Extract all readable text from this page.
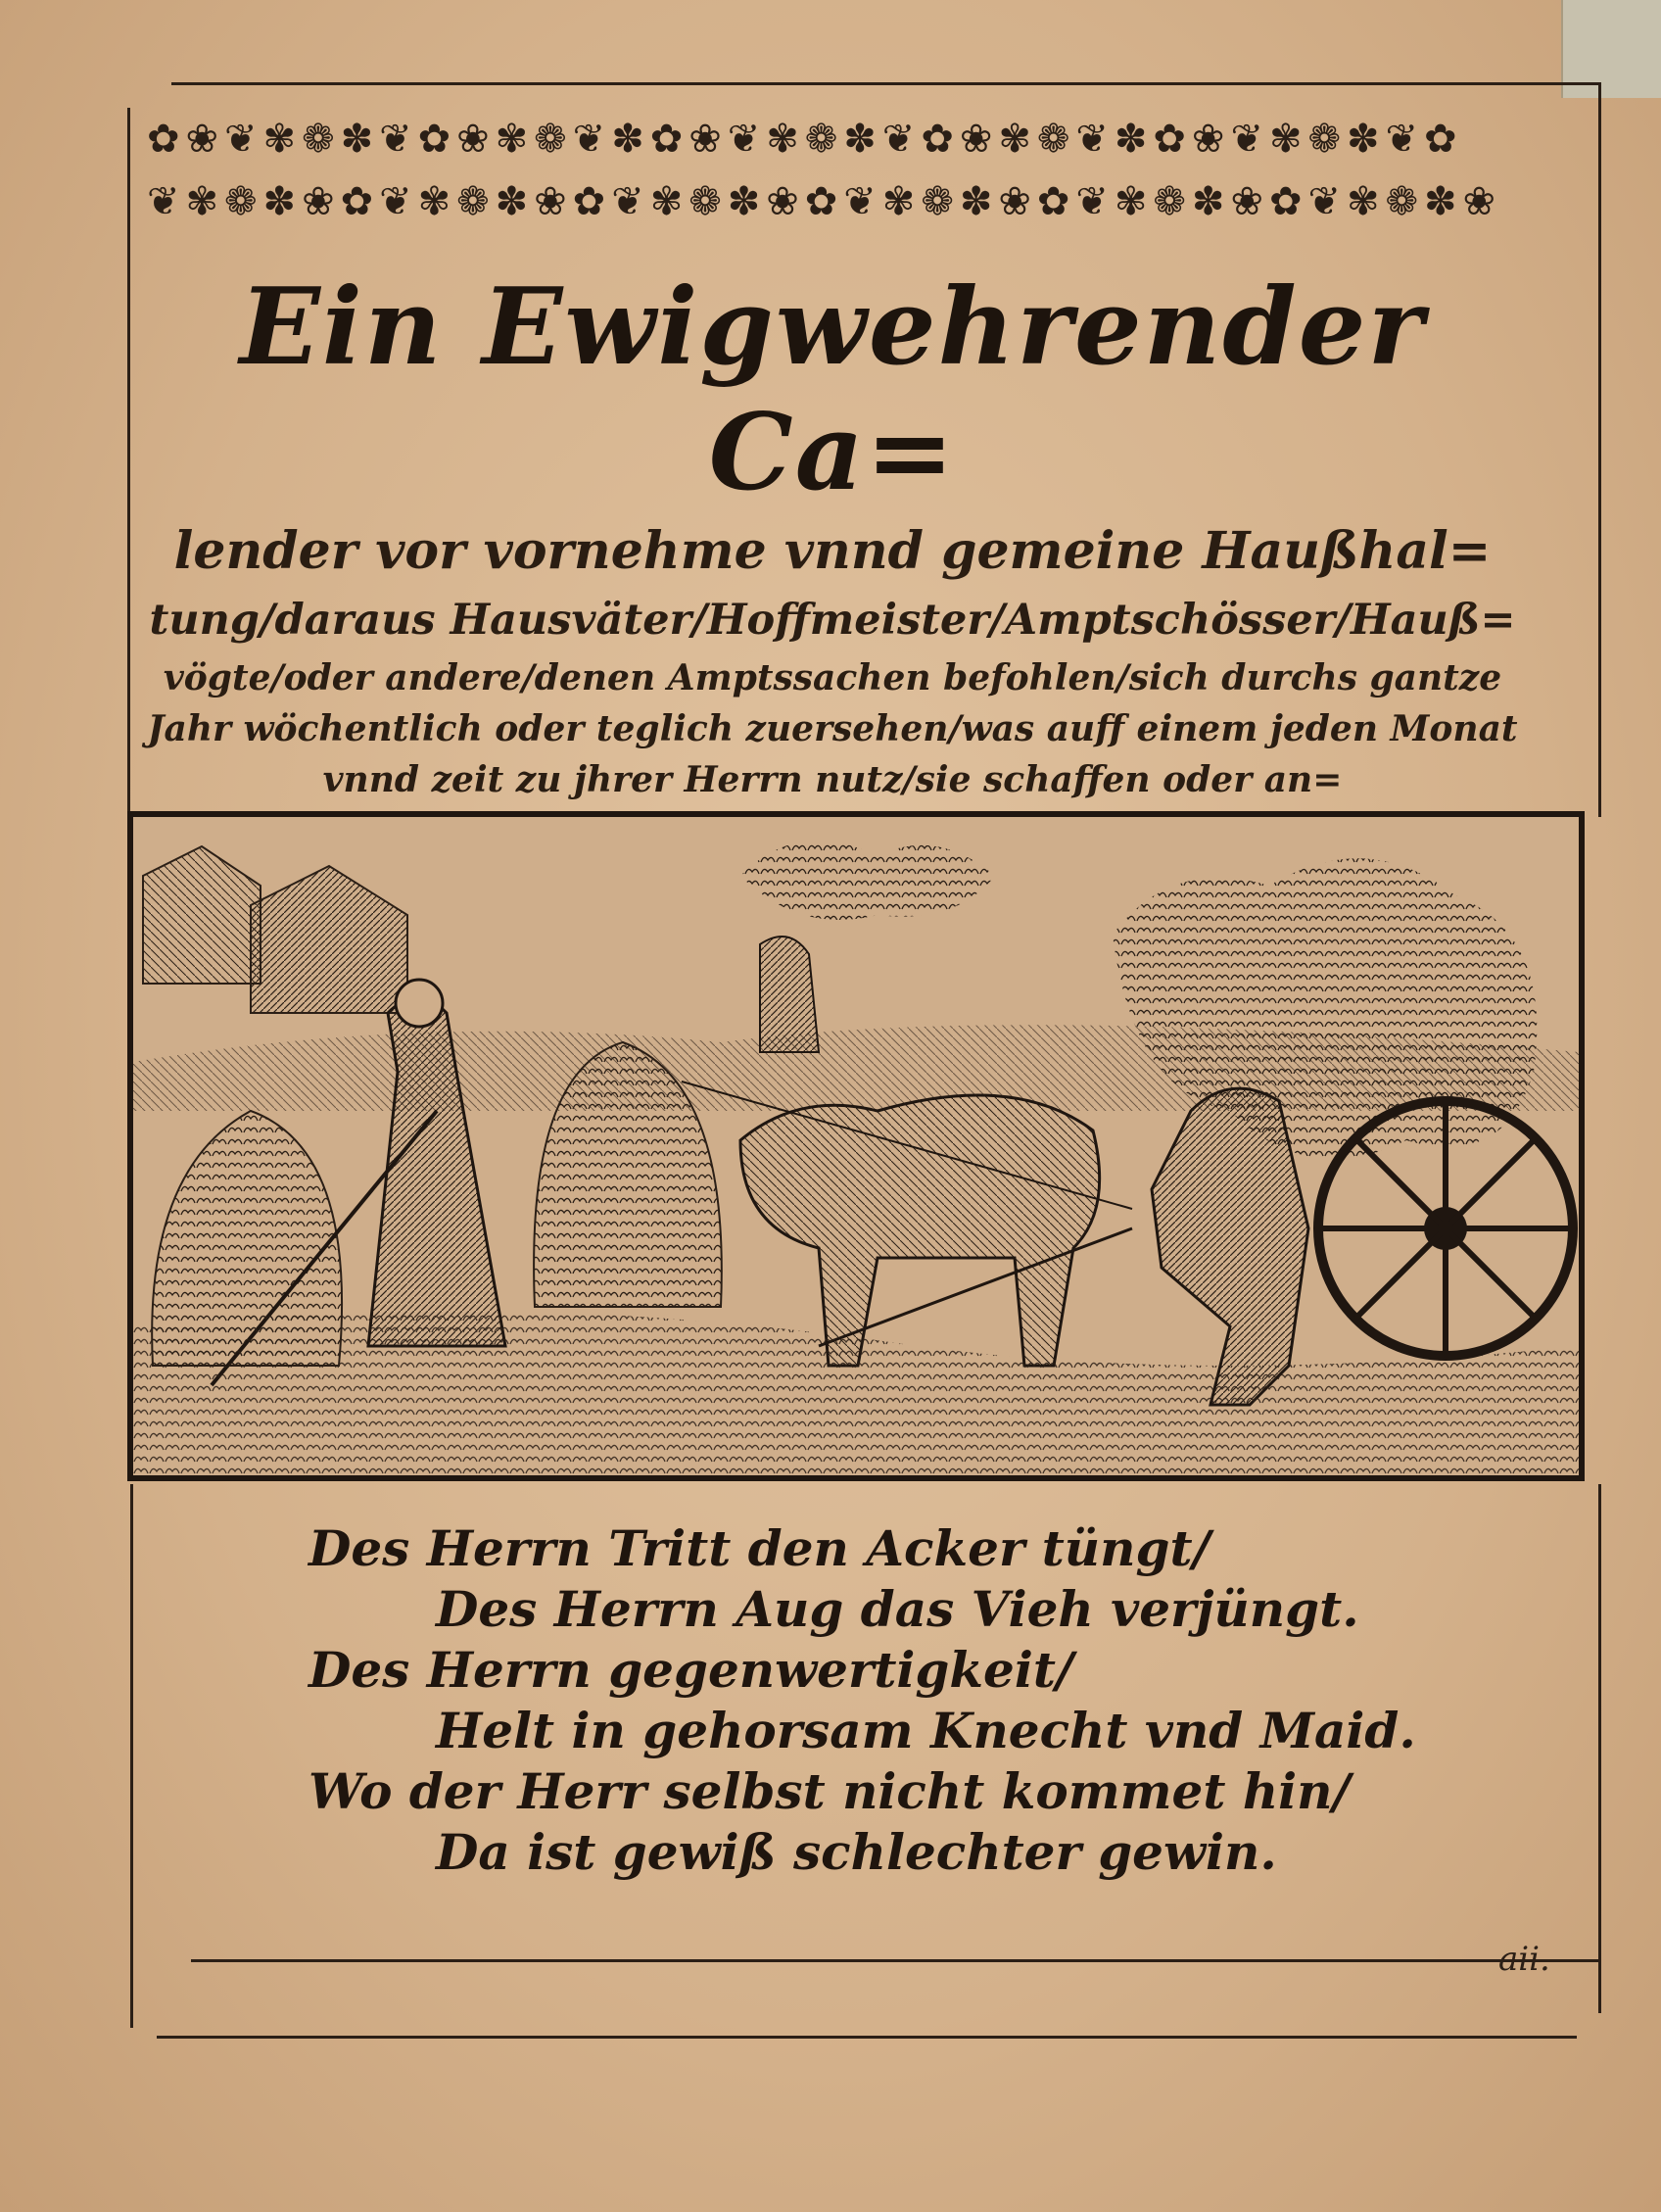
✿❀❦✾❁✽❦✿❀✾❁❦✽✿❀❦✾❁✽❦✿❀✾❁❦✽✿❀❦✾❁✽❦✿
❦✾❁✽❀✿❦✾❁✽❀✿❦✾❁✽❀✿❦✾❁✽❀✿❦✾❁✽❀✿❦✾❁✽❀
Ein Ewigwehrender Ca=
lender vor vornehme vnnd gemeine Haußhal=
tung/daraus Hausväter/Hoffmeister/Amptschösser/Hauß=
vögte/oder andere/denen Amptssachen befohlen/sich durchs gantze
Jahr wöchentlich oder teglich zuersehen/was auff einem jeden Monat
vnnd zeit zu jhrer Herrn nutz/sie schaffen oder an=
Des Herrn Tritt den Acker tüngt/
Des Herrn Aug das Vieh verjüngt.
Des Herrn gegenwertigkeit/
Helt in gehorsam Knecht vnd Maid.
Wo der Herr selbst nicht kommet hin/
Da ist gewiß schlechter gewin.
aii.
